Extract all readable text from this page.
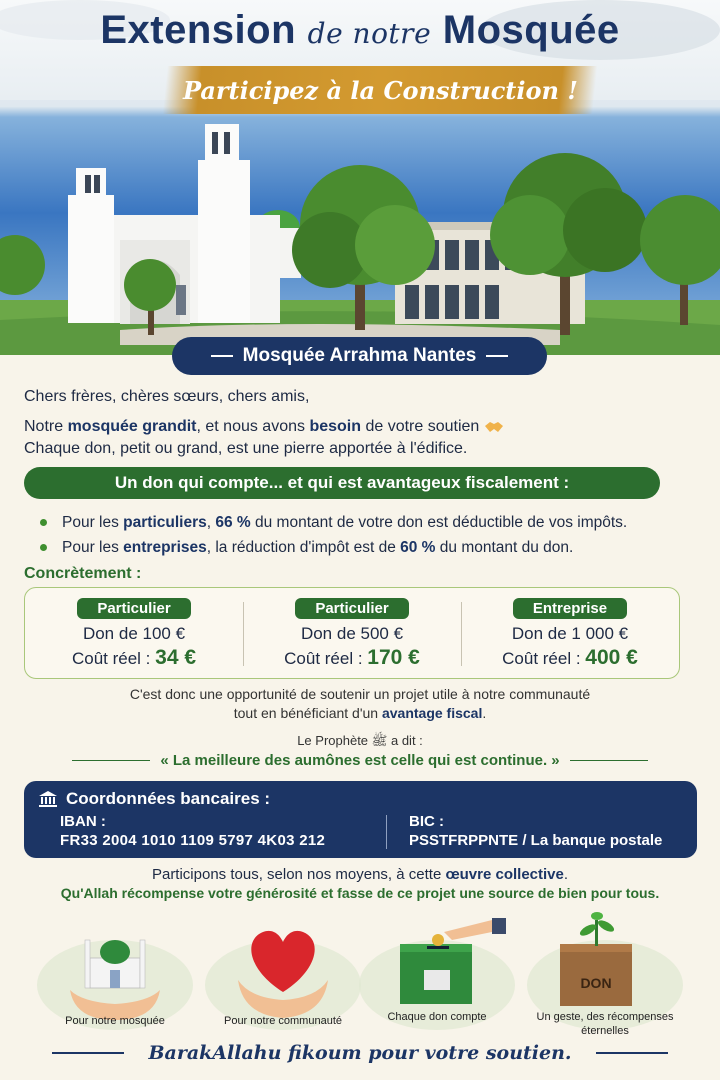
Extension de notre Mosquée
Participez à la Construction !
Mosquée Arrahma Nantes

Chers frères, chères sœurs, chers amis,

Notre mosquée grandit, et nous avons besoin de votre soutien

Chaque don, petit ou grand, est une pierre apportée à l'édifice.

Un don qui compte... et qui est avantageux fiscalement :
Pour les particuliers, 66 % du montant de votre don est déductible de vos impôts.
Pour les entreprises, la réduction d'impôt est de 60 % du montant du don.
Concrètement :
Particulier
Don de 100 €
Coût réel : 34 €
Particulier
Don de 500 €
Coût réel : 170 €
Entreprise
Don de 1 000 €
Coût réel : 400 €
C'est donc une opportunité de soutenir un projet utile à notre communauté
tout en bénéficiant d'un avantage fiscal.
Le Prophète ﷺ a dit :
« La meilleure des aumônes est celle qui est continue. »
Coordonnées bancaires :
IBAN :
FR33 2004 1010 1109 5797 4K03 212
BIC :
PSSTFRPPNTE / La banque postale
Participons tous, selon nos moyens, à cette œuvre collective.
Qu'Allah récompense votre générosité et fasse de ce projet une source de bien pour tous.
Pour notre mosquée	Pour notre communauté	Chaque don compte
DON
Un geste, des récompenses éternelles
BarakAllahu fikoum pour votre soutien.
